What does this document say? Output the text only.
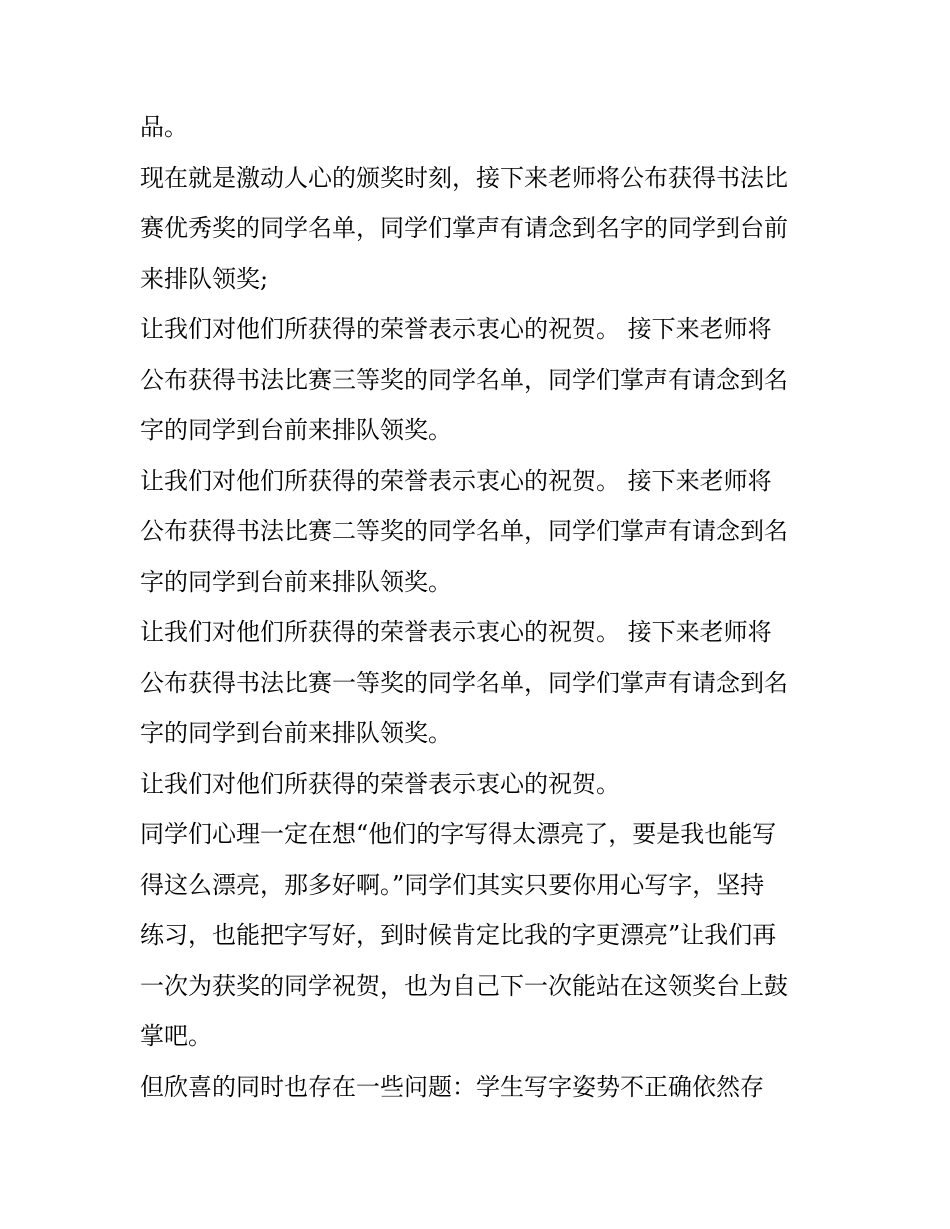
品。
现在就是激动人心的颁奖时刻，接下来老师将公布获得书法比
赛优秀奖的同学名单，同学们掌声有请念到名字的同学到台前
来排队领奖;
让我们对他们所获得的荣誉表示衷心的祝贺。 接下来老师将
公布获得书法比赛三等奖的同学名单，同学们掌声有请念到名
字的同学到台前来排队领奖。
让我们对他们所获得的荣誉表示衷心的祝贺。 接下来老师将
公布获得书法比赛二等奖的同学名单，同学们掌声有请念到名
字的同学到台前来排队领奖。
让我们对他们所获得的荣誉表示衷心的祝贺。 接下来老师将
公布获得书法比赛一等奖的同学名单，同学们掌声有请念到名
字的同学到台前来排队领奖。
让我们对他们所获得的荣誉表示衷心的祝贺。
同学们心理一定在想“他们的字写得太漂亮了，要是我也能写
得这么漂亮，那多好啊。”同学们其实只要你用心写字，坚持
练习，也能把字写好，到时候肯定比我的字更漂亮”让我们再
一次为获奖的同学祝贺，也为自己下一次能站在这领奖台上鼓
掌吧。
但欣喜的同时也存在一些问题：学生写字姿势不正确依然存
